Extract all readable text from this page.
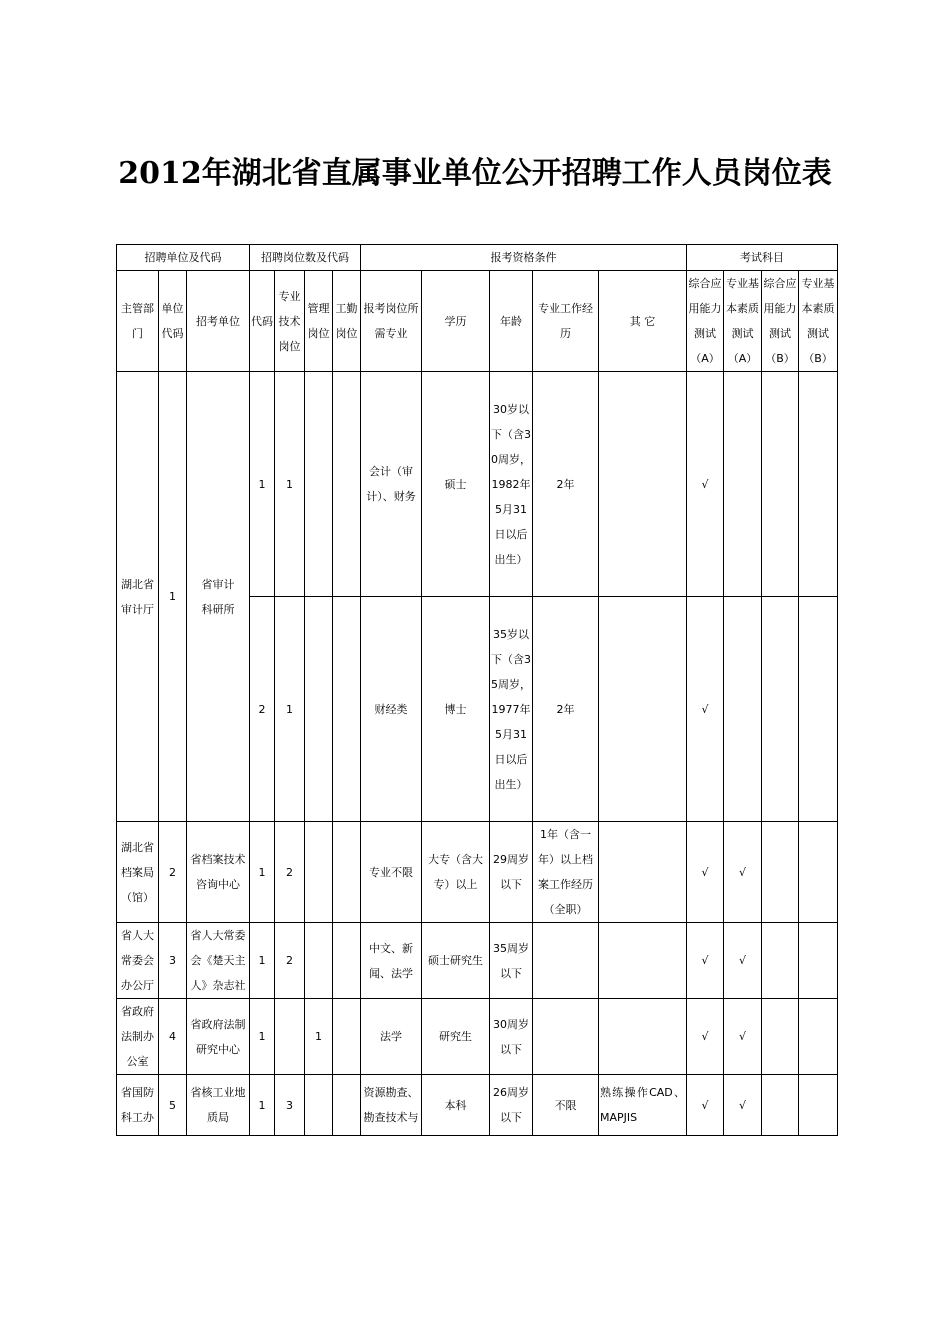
2012年湖北省直属事业单位公开招聘工作人员岗位表
招聘单位及代码			招聘岗位数及代码				报考资格条件					考试科目			
主管部门	单位代码	招考单位	代码	专业技术岗位	管理岗位	工勤岗位	报考岗位所需专业	学历	年龄	专业工作经历	其 它	综合应用能力测试（A）	专业基本素质测试（A）	综合应用能力测试（B）	专业基本素质测试（B）
湖北省审计厅	1	省审计科研所	1	1			会计（审计）、财务	硕士	30岁以下（含30周岁，1982年5月31日以后出生）	2年		√			
			2	1			财经类	博士	35岁以下（含35周岁，1977年5月31日以后出生）	2年		√			
湖北省档案局（馆）	2	省档案技术咨询中心	1	2			专业不限	大专（含大专）以上	29周岁以下	1年（含一年）以上档案工作经历（全职）		√	√		
省人大常委会办公厅	3	省人大常委会《楚天主人》杂志社	1	2			中文、新闻、法学	硕士研究生	35周岁以下			√	√		
省政府法制办公室	4	省政府法制研究中心	1		1		法学	研究生	30周岁以下			√	√		
省国防科工办	5	省核工业地质局	1	3			资源勘查、勘查技术与	本科	26周岁以下	不限	熟练操作CAD、MAPJIS	√	√		
